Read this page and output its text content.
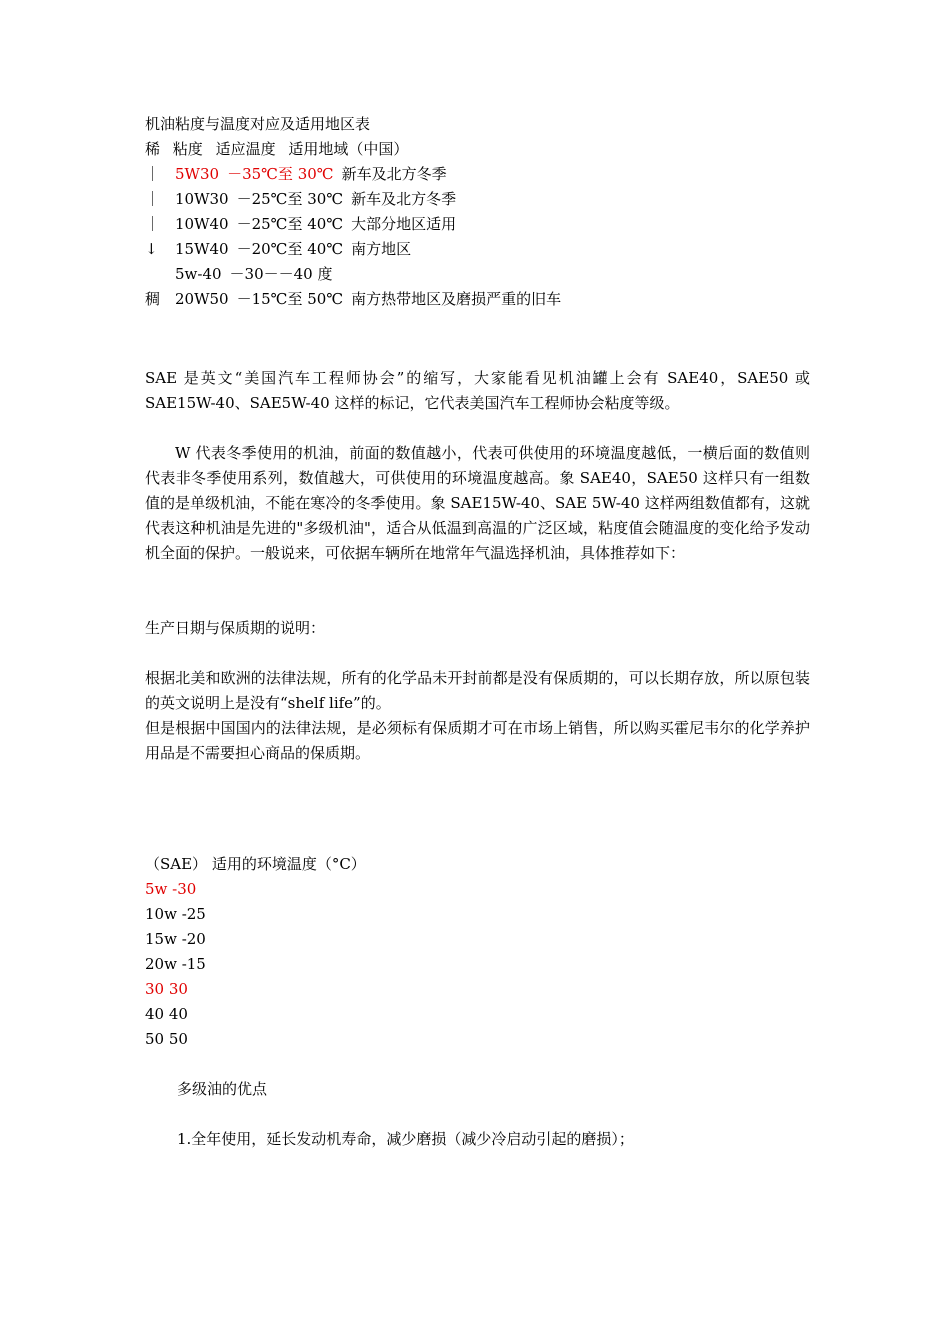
机油粘度与温度对应及适用地区表
稀 粘度 适应温度 适用地域（中国）
｜ 5W30 －35℃至 30℃ 新车及北方冬季
｜ 10W30 －25℃至 30℃ 新车及北方冬季
｜ 10W40 －25℃至 40℃ 大部分地区适用
↓ 15W40 －20℃至 40℃ 南方地区
5w-40 －30－－40 度
稠 20W50 －15℃至 50℃ 南方热带地区及磨损严重的旧车

SAE 是英文“美国汽车工程师协会”的缩写，大家能看见机油罐上会有 SAE40，SAE50 或 SAE15W-40、SAE5W-40 这样的标记，它代表美国汽车工程师协会粘度等级。

W 代表冬季使用的机油，前面的数值越小，代表可供使用的环境温度越低，一横后面的数值则代表非冬季使用系列，数值越大，可供使用的环境温度越高。象 SAE40，SAE50 这样只有一组数值的是单级机油，不能在寒冷的冬季使用。象 SAE15W-40、SAE 5W-40 这样两组数值都有，这就代表这种机油是先进的"多级机油"，适合从低温到高温的广泛区域，粘度值会随温度的变化给予发动机全面的保护。一般说来，可依据车辆所在地常年气温选择机油，具体推荐如下：

生产日期与保质期的说明：

根据北美和欧洲的法律法规，所有的化学品未开封前都是没有保质期的，可以长期存放，所以原包装的英文说明上是没有“shelf life”的。

但是根据中国国内的法律法规，是必须标有保质期才可在市场上销售，所以购买霍尼韦尔的化学养护用品是不需要担心商品的保质期。

（SAE） 适用的环境温度（°C）
5w -30
10w -25
15w -20
20w -15
30 30
40 40
50 50
多级油的优点
1.全年使用，延长发动机寿命，减少磨损（减少冷启动引起的磨损）；
